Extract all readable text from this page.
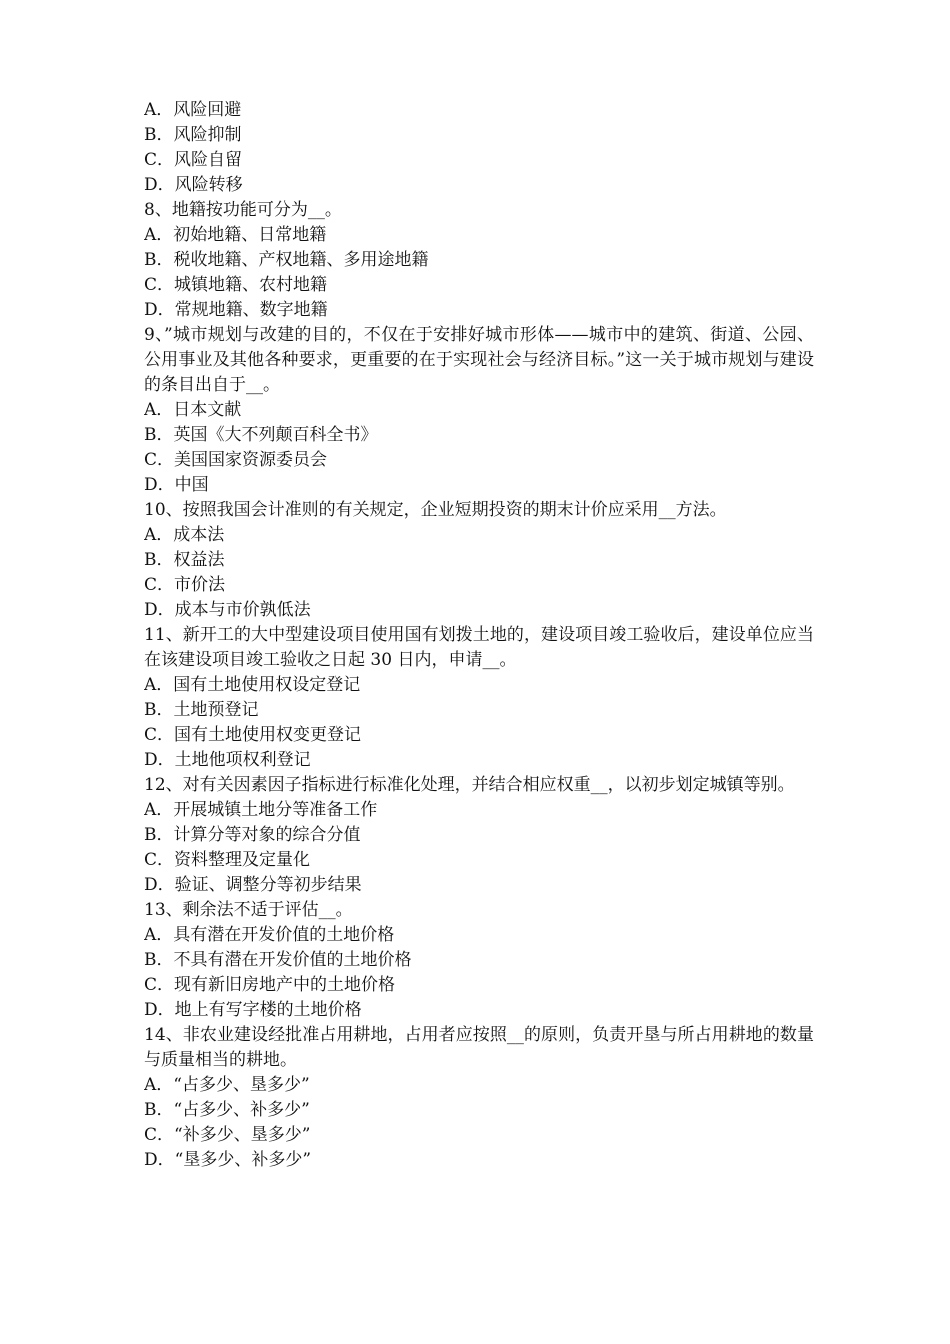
A．风险回避
B．风险抑制
C．风险自留
D．风险转移
8、地籍按功能可分为__。
A．初始地籍、日常地籍
B．税收地籍、产权地籍、多用途地籍
C．城镇地籍、农村地籍
D．常规地籍、数字地籍
9、”城市规划与改建的目的，不仅在于安排好城市形体——城市中的建筑、街道、公园、公用事业及其他各种要求，更重要的在于实现社会与经济目标。”这一关于城市规划与建设的条目出自于__。
A．日本文献
B．英国《大不列颠百科全书》
C．美国国家资源委员会
D．中国
10、按照我国会计准则的有关规定，企业短期投资的期末计价应采用__方法。
A．成本法
B．权益法
C．市价法
D．成本与市价孰低法
11、新开工的大中型建设项目使用国有划拨土地的，建设项目竣工验收后，建设单位应当在该建设项目竣工验收之日起 30 日内，申请__。
A．国有土地使用权设定登记
B．土地预登记
C．国有土地使用权变更登记
D．土地他项权利登记
12、对有关因素因子指标进行标准化处理，并结合相应权重__，以初步划定城镇等别。
A．开展城镇土地分等准备工作
B．计算分等对象的综合分值
C．资料整理及定量化
D．验证、调整分等初步结果
13、剩余法不适于评估__。
A．具有潜在开发价值的土地价格
B．不具有潜在开发价值的土地价格
C．现有新旧房地产中的土地价格
D．地上有写字楼的土地价格
14、非农业建设经批准占用耕地，占用者应按照__的原则，负责开垦与所占用耕地的数量与质量相当的耕地。
A．“占多少、垦多少”
B．“占多少、补多少”
C．“补多少、垦多少”
D．“垦多少、补多少”
